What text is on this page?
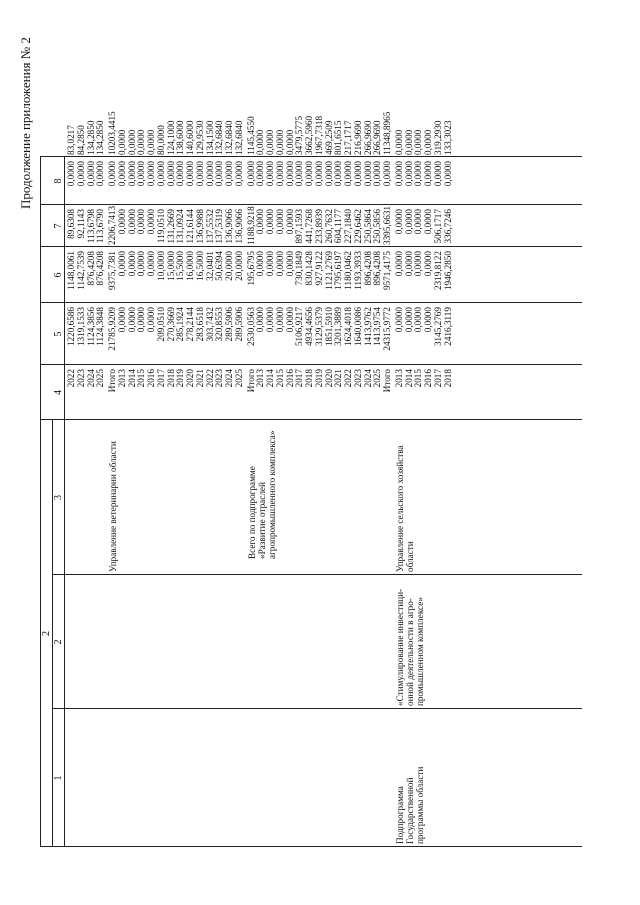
Продолжение приложения № 2
2
1
2
3
4
5
6
7
8
2022
1220,6586
1148,0061
89,6308
0,0000
83,0217
2023
1319,1533
1142,7539
92,1143
0,0000
84,2850
2024
1124,3856
876,4208
113,6798
0,0000
134,2850
2025
1124,3848
876,4208
113,6790
0,0000
134,2850
Управление ветеринарии области
Итого
21785,9209
9375,7381
2206,7413
0,0000
10203,4415
2013
0,0000
0,0000
0,0000
0,0000
0,0000
2014
0,0000
0,0000
0,0000
0,0000
0,0000
2015
0,0000
0,0000
0,0000
0,0000
0,0000
2016
0,0000
0,0000
0,0000
0,0000
0,0000
2017
209,0510
10,0000
119,0510
0,0000
80,0000
2018
270,3669
15,0000
131,2669
0,0000
124,1000
2019
285,1924
15,5000
131,0924
0,0000
138,6000
2020
278,2144
16,0000
121,6144
0,0000
140,6000
2021
283,6518
16,5000
136,9988
0,0000
129,9530
2022
303,7432
32,0401
137,5532
0,0000
134,1500
2023
320,8553
50,6394
137,5319
0,0000
132,6840
2024
289,5906
20,0000
136,9066
0,0000
132,6840
2025
289,5906
20,0000
136,9066
0,0000
132,6840
Всего по подпрограмме «Развитие отраслей агропромышленного комплекса»
Итого
2530,0563
195,6795
1188,9218
0,0000
1145,4550
2013
0,0000
0,0000
0,0000
0,0000
0,0000
2014
0,0000
0,0000
0,0000
0,0000
0,0000
2015
0,0000
0,0000
0,0000
0,0000
0,0000
2016
0,0000
0,0000
0,0000
0,0000
0,0000
2017
5106,9217
730,1849
897,1593
0,0000
3479,5775
2018
4934,4656
830,1428
441,7268
0,0000
3662,5960
2019
3129,5379
927,9122
233,8939
0,0000
1967,7318
2020
1851,5910
1121,2769
260,7632
0,0000
469,2509
2021
3201,3889
1795,6197
604,1177
0,0000
801,6515
2022
1624,4018
1180,0462
227,1840
0,0000
217,1717
2023
1640,0086
1193,3933
229,6462
0,0000
216,9690
2024
1413,9762
896,4208
250,5864
0,0000
266,9690
2025
1413,9754
896,4208
250,5856
0,0000
266,9690
Итого
24315,9772
9571,4175
3395,6631
0,0000
11348,8965
Подпрограмма Государственной программы области
«Стимулирование инвестици- онной деятельности в агро- промышленном комплексе»
Управление сельского хозяйства области
2013
0,0000
0,0000
0,0000
0,0000
0,0000
2014
0,0000
0,0000
0,0000
0,0000
0,0000
2015
0,0000
0,0000
0,0000
0,0000
0,0000
2016
0,0000
0,0000
0,0000
0,0000
0,0000
2017
3145,2769
2319,8122
506,1717
0,0000
319,2930
2018
2416,3119
1946,2850
336,7246
0,0000
133,3023
